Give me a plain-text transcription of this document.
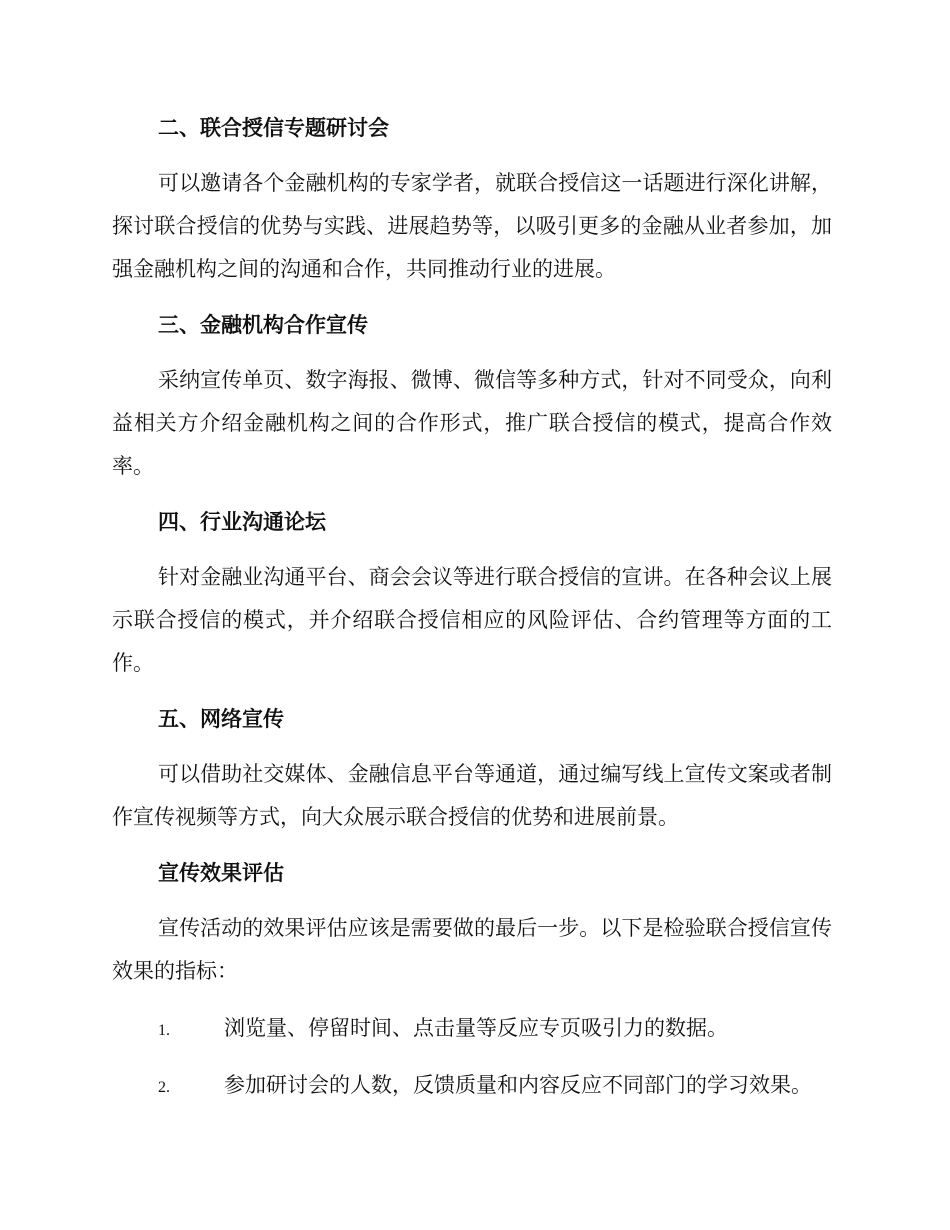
二、联合授信专题研讨会

可以邀请各个金融机构的专家学者，就联合授信这一话题进行深化讲解，探讨联合授信的优势与实践、进展趋势等，以吸引更多的金融从业者参加，加强金融机构之间的沟通和合作，共同推动行业的进展。

三、金融机构合作宣传

采纳宣传单页、数字海报、微博、微信等多种方式，针对不同受众，向利益相关方介绍金融机构之间的合作形式，推广联合授信的模式，提高合作效率。

四、行业沟通论坛

针对金融业沟通平台、商会会议等进行联合授信的宣讲。在各种会议上展示联合授信的模式，并介绍联合授信相应的风险评估、合约管理等方面的工作。

五、网络宣传

可以借助社交媒体、金融信息平台等通道，通过编写线上宣传文案或者制作宣传视频等方式，向大众展示联合授信的优势和进展前景。

宣传效果评估

宣传活动的效果评估应该是需要做的最后一步。以下是检验联合授信宣传效果的指标：

1.	浏览量、停留时间、点击量等反应专页吸引力的数据。
2.	参加研讨会的人数，反馈质量和内容反应不同部门的学习效果。
